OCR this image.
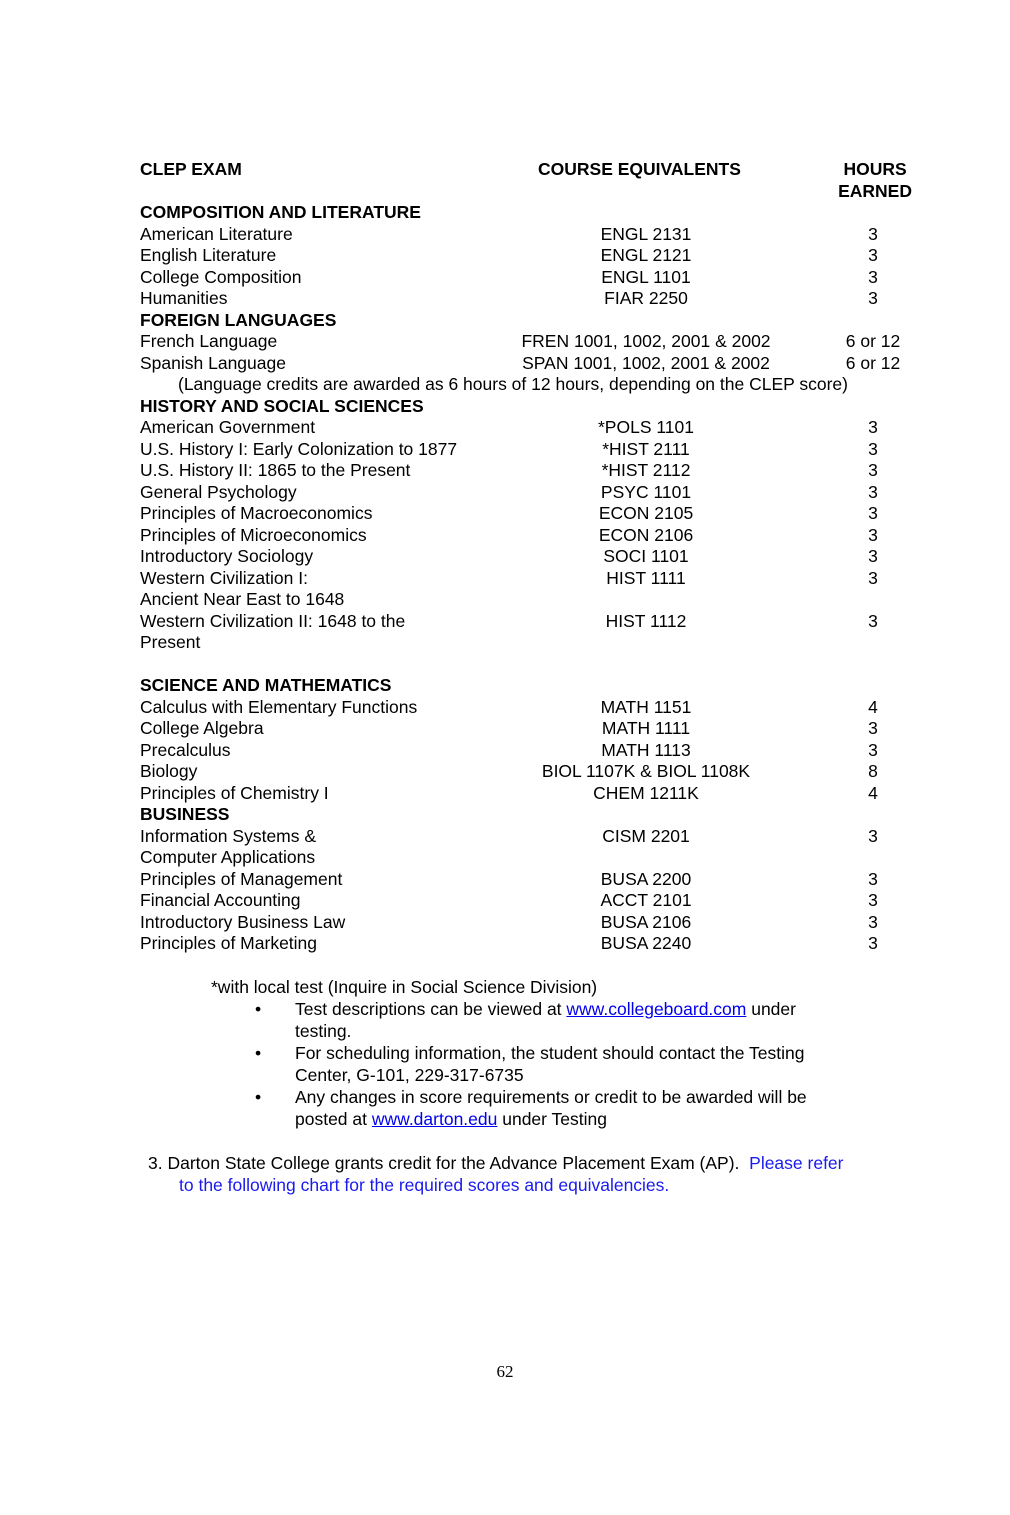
CLEP EXAM	COURSE EQUIVALENTS	HOURS
EARNED
COMPOSITION AND LITERATURE
American Literature	ENGL 2131	3
English Literature	ENGL 2121	3
College Composition	ENGL 1101	3
Humanities	FIAR 2250	3
FOREIGN LANGUAGES
French Language	FREN 1001, 1002, 2001 & 2002	6 or 12
Spanish Language	SPAN 1001, 1002, 2001 & 2002	6 or 12
(Language credits are awarded as 6 hours of 12 hours, depending on the CLEP score)
HISTORY AND SOCIAL SCIENCES
American Government	*POLS 1101	3
U.S. History I: Early Colonization to 1877	*HIST 2111	3
U.S. History II: 1865 to the Present	*HIST 2112	3
General Psychology	PSYC 1101	3
Principles of Macroeconomics	ECON 2105	3
Principles of Microeconomics	ECON 2106	3
Introductory Sociology	SOCI 1101	3
Western Civilization I:	HIST 1111	3
Ancient Near East to 1648
Western Civilization II: 1648 to the	HIST 1112	3
Present
SCIENCE AND MATHEMATICS
Calculus with Elementary Functions	MATH 1151	4
College Algebra	MATH 1111	3
Precalculus	MATH 1113	3
Biology	BIOL 1107K & BIOL 1108K	8
Principles of Chemistry I	CHEM 1211K	4
BUSINESS
Information Systems &	CISM 2201	3
Computer Applications
Principles of Management	BUSA 2200	3
Financial Accounting	ACCT 2101	3
Introductory Business Law	BUSA 2106	3
Principles of Marketing	BUSA 2240	3
*with local test (Inquire in Social Science Division)
• Test descriptions can be viewed at www.collegeboard.com under
testing.
• For scheduling information, the student should contact the Testing
Center, G-101, 229-317-6735
• Any changes in score requirements or credit to be awarded will be
posted at www.darton.edu under Testing
3. Darton State College grants credit for the Advance Placement Exam (AP). Please refer

to the following chart for the required scores and equivalencies.
62
